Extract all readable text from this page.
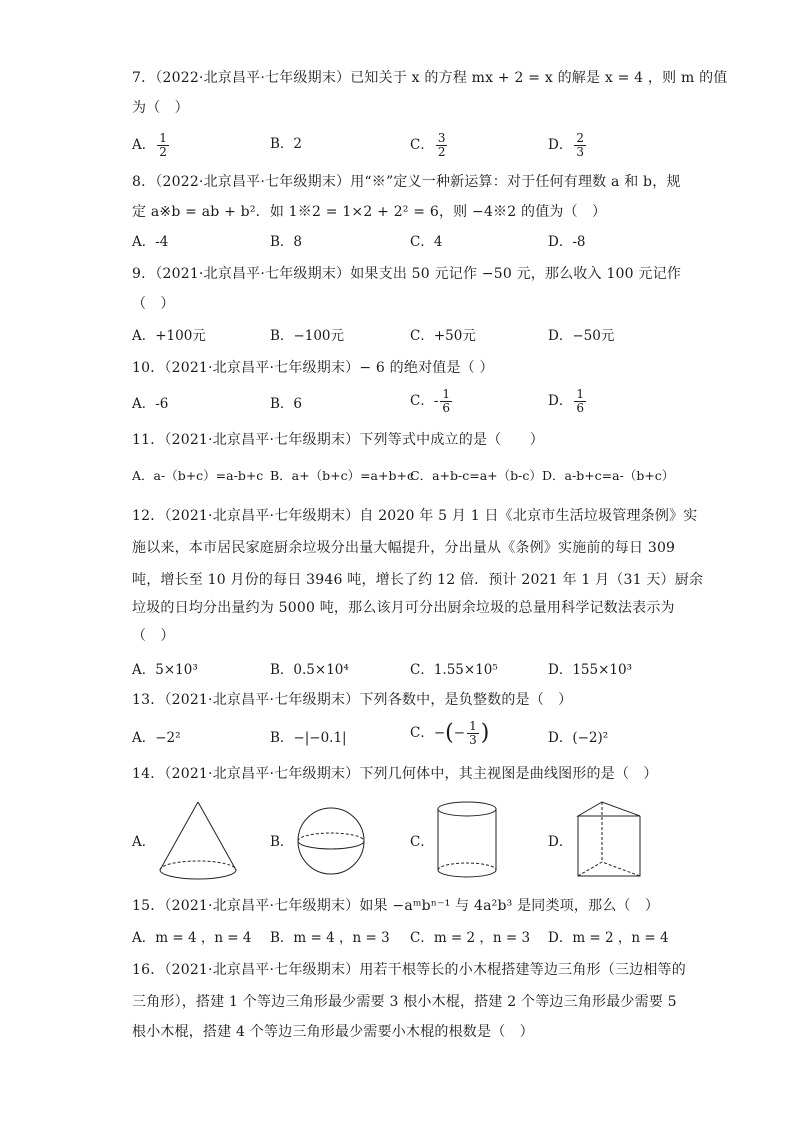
7．（2022·北京昌平·七年级期末）已知关于 x 的方程 mx + 2 = x 的解是 x = 4 ，则 m 的值
为（　）
A． $\frac{1}{2}$	B．2	C． $\frac{3}{2}$	D． $\frac{2}{3}$
8．（2022·北京昌平·七年级期末）用“※”定义一种新运算：对于任何有理数 a 和 b，规
定 a※b = ab + b²．如 1※2 = 1×2 + 2² = 6，则 −4※2 的值为（　）
A．-4	B．8	C．4	D．-8
9．（2021·北京昌平·七年级期末）如果支出 50 元记作 −50 元，那么收入 100 元记作
（　）
A．+100元	B．−100元	C．+50元	D．−50元
10．（2021·北京昌平·七年级期末）− 6 的绝对值是（ ）
A．-6	B．6	C．- $\frac{1}{6}$	D． $\frac{1}{6}$
11．（2021·北京昌平·七年级期末）下列等式中成立的是（　　）
A．a-（b+c）=a-b+c B．a+（b+c）=a+b+c
C．a+b-c=a+（b-c） D．a-b+c=a-（b+c）
12．（2021·北京昌平·七年级期末）自 2020 年 5 月 1 日《北京市生活垃圾管理条例》实
施以来，本市居民家庭厨余垃圾分出量大幅提升，分出量从《条例》实施前的每日 309
吨，增长至 10 月份的每日 3946 吨，增长了约 12 倍．预计 2021 年 1 月（31 天）厨余
垃圾的日均分出量约为 5000 吨，那么该月可分出厨余垃圾的总量用科学记数法表示为
（　）
A．5×10³	B．0.5×10⁴	C．1.55×10⁵	D．155×10³
13．（2021·北京昌平·七年级期末）下列各数中，是负整数的是（　）
A．−2²	B．−|−0.1|	C．−(− $\frac{1}{3}$ )	D．(−2)²
14．（2021·北京昌平·七年级期末）下列几何体中，其主视图是曲线图形的是（　）
A．	B．	C．	D．
15．（2021·北京昌平·七年级期末）如果 −aᵐbⁿ⁻¹ 与 4a²b³ 是同类项，那么（　）
A．m = 4 ，n = 4 B．m = 4 ，n = 3 C．m = 2 ，n = 3 D．m = 2 ，n = 4
16．（2021·北京昌平·七年级期末）用若干根等长的小木棍搭建等边三角形（三边相等的
三角形），搭建 1 个等边三角形最少需要 3 根小木棍，搭建 2 个等边三角形最少需要 5
根小木棍，搭建 4 个等边三角形最少需要小木棍的根数是（　）
